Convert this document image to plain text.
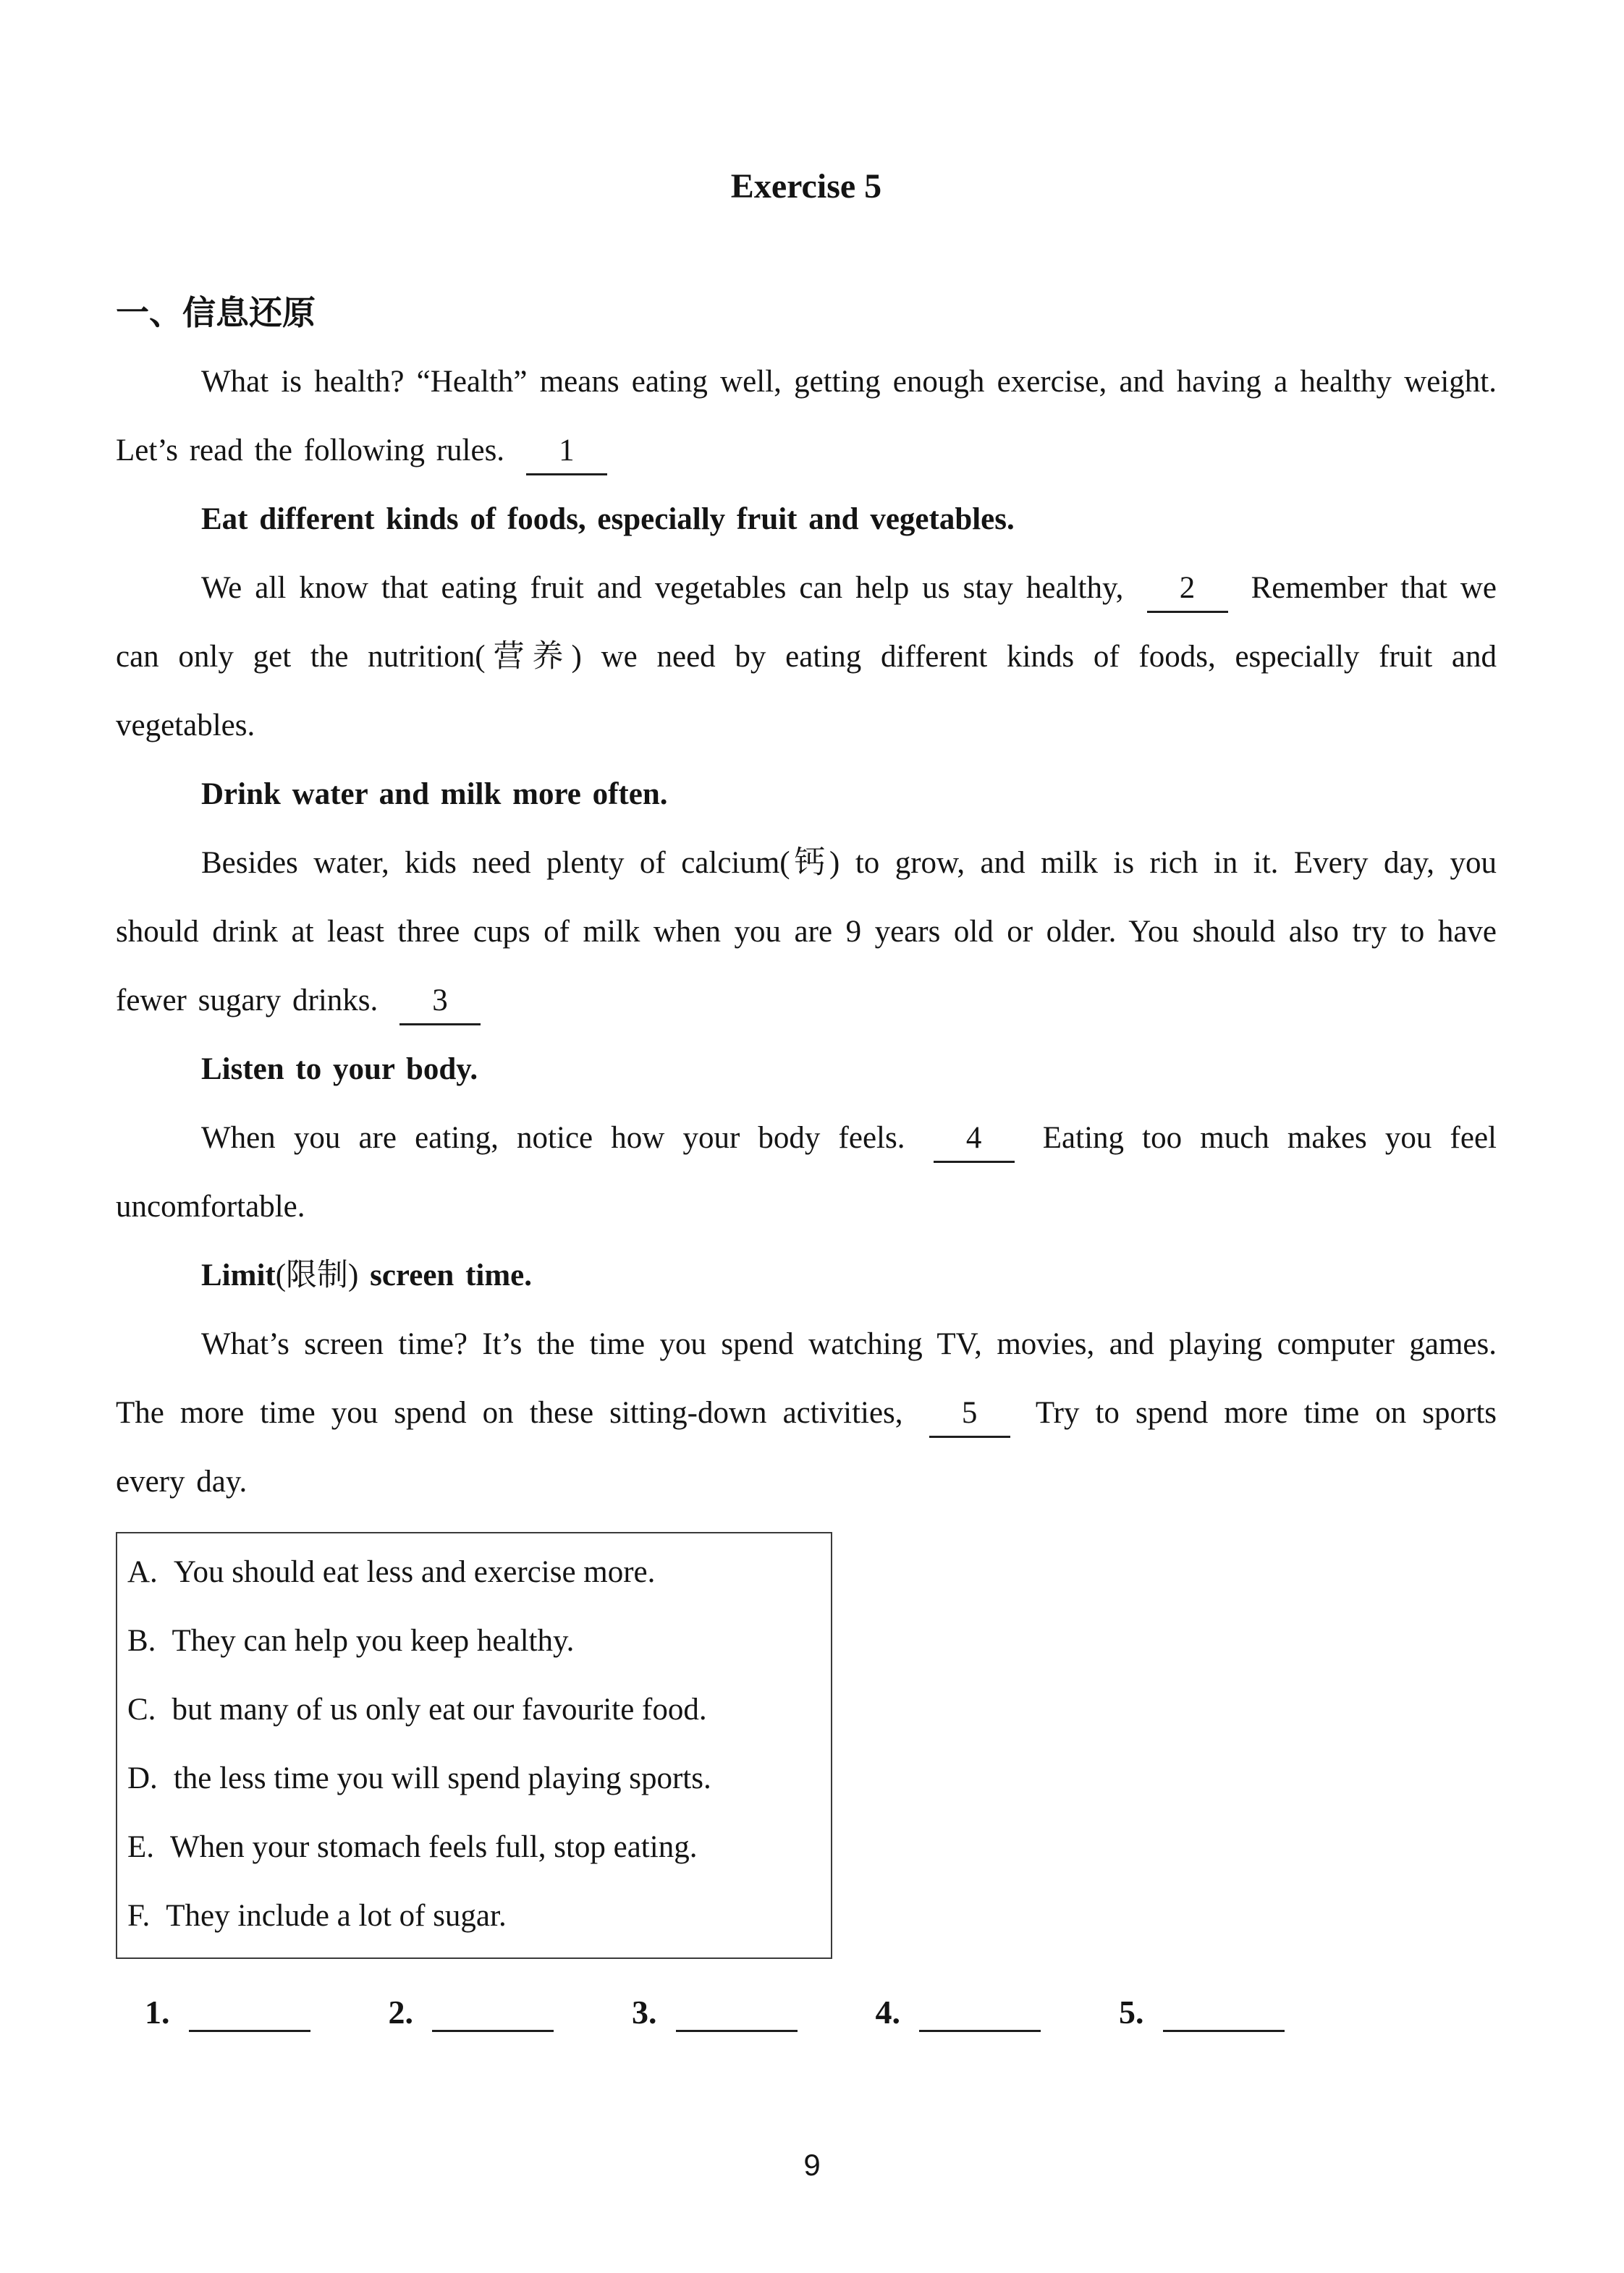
Exercise 5
一、信息还原

What is health? “Health” means eating well, getting enough exercise, and having a healthy weight. Let’s read the following rules. 1

Eat different kinds of foods, especially fruit and vegetables.

We all know that eating fruit and vegetables can help us stay healthy, 2 Remember that we can only get the nutrition(营养) we need by eating different kinds of foods, especially fruit and vegetables.

Drink water and milk more often.

Besides water, kids need plenty of calcium(钙) to grow, and milk is rich in it. Every day, you should drink at least three cups of milk when you are 9 years old or older. You should also try to have fewer sugary drinks. 3

Listen to your body.

When you are eating, notice how your body feels. 4 Eating too much makes you feel uncomfortable.

Limit(限制) screen time.

What’s screen time? It’s the time you spend watching TV, movies, and playing computer games. The more time you spend on these sitting-down activities, 5 Try to spend more time on sports every day.

A. You should eat less and exercise more.

B. They can help you keep healthy.

C. but many of us only eat our favourite food.

D. the less time you will spend playing sports.

E. When your stomach feels full, stop eating.

F. They include a lot of sugar.

1.	2.	3.	4.	5.
9
